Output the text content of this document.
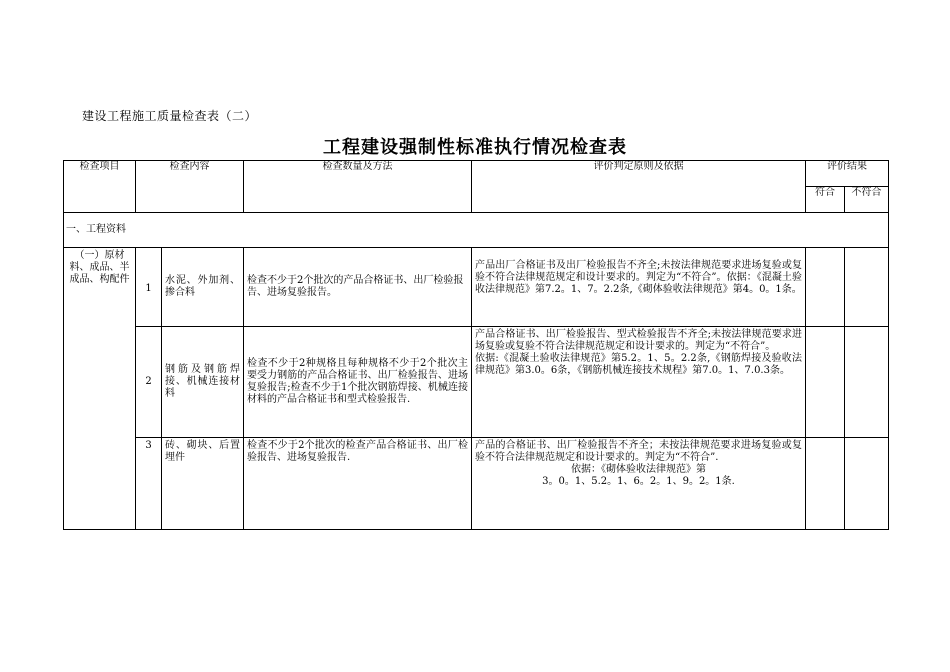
建设工程施工质量检查表（二）
工程建设强制性标准执行情况检查表
检查项目	检查内容		检查数量及方法	评价判定原则及依据	评价结果	
					符合	不符合
一、工程资料						
（一）原材料、成品、半成品、构配件	1	水泥、外加剂、掺合料	检查不少于2个批次的产品合格证书、出厂检验报告、进场复验报告。	产品出厂合格证书及出厂检验报告不齐全;未按法律规范要求进场复验或复验不符合法律规范规定和设计要求的。判定为“不符合”。依据：《混凝土验收法律规范》第7.2。1、7。2.2条,《砌体验收法律规范》第4。0。1条。		
	2	钢筋及钢筋焊接、机械连接材料	检查不少于2种规格且每种规格不少于2个批次主要受力钢筋的产品合格证书、出厂检验报告、进场复验报告;检查不少于1个批次钢筋焊接、机械连接材料的产品合格证书和型式检验报告.	产品合格证书、出厂检验报告、型式检验报告不齐全;未按法律规范要求进场复验或复验不符合法律规范规定和设计要求的。判定为“不符合”。
依据:《混凝土验收法律规范》第5.2。1、5。2.2条,《钢筋焊接及验收法律规范》第3.0。6条，《钢筋机械连接技术规程》第7.0。1、7.0.3条。		
	3	砖、砌块、后置埋件	检查不少于2个批次的检查产品合格证书、出厂检验报告、进场复验报告.	产品的合格证书、出厂检验报告不齐全；未按法律规范要求进场复验或复验不符合法律规范规定和设计要求的。判定为“不符合”.
依据：《砌体验收法律规范》第
3。0。1、5.2。1、6。2。1、9。2。1条.		
